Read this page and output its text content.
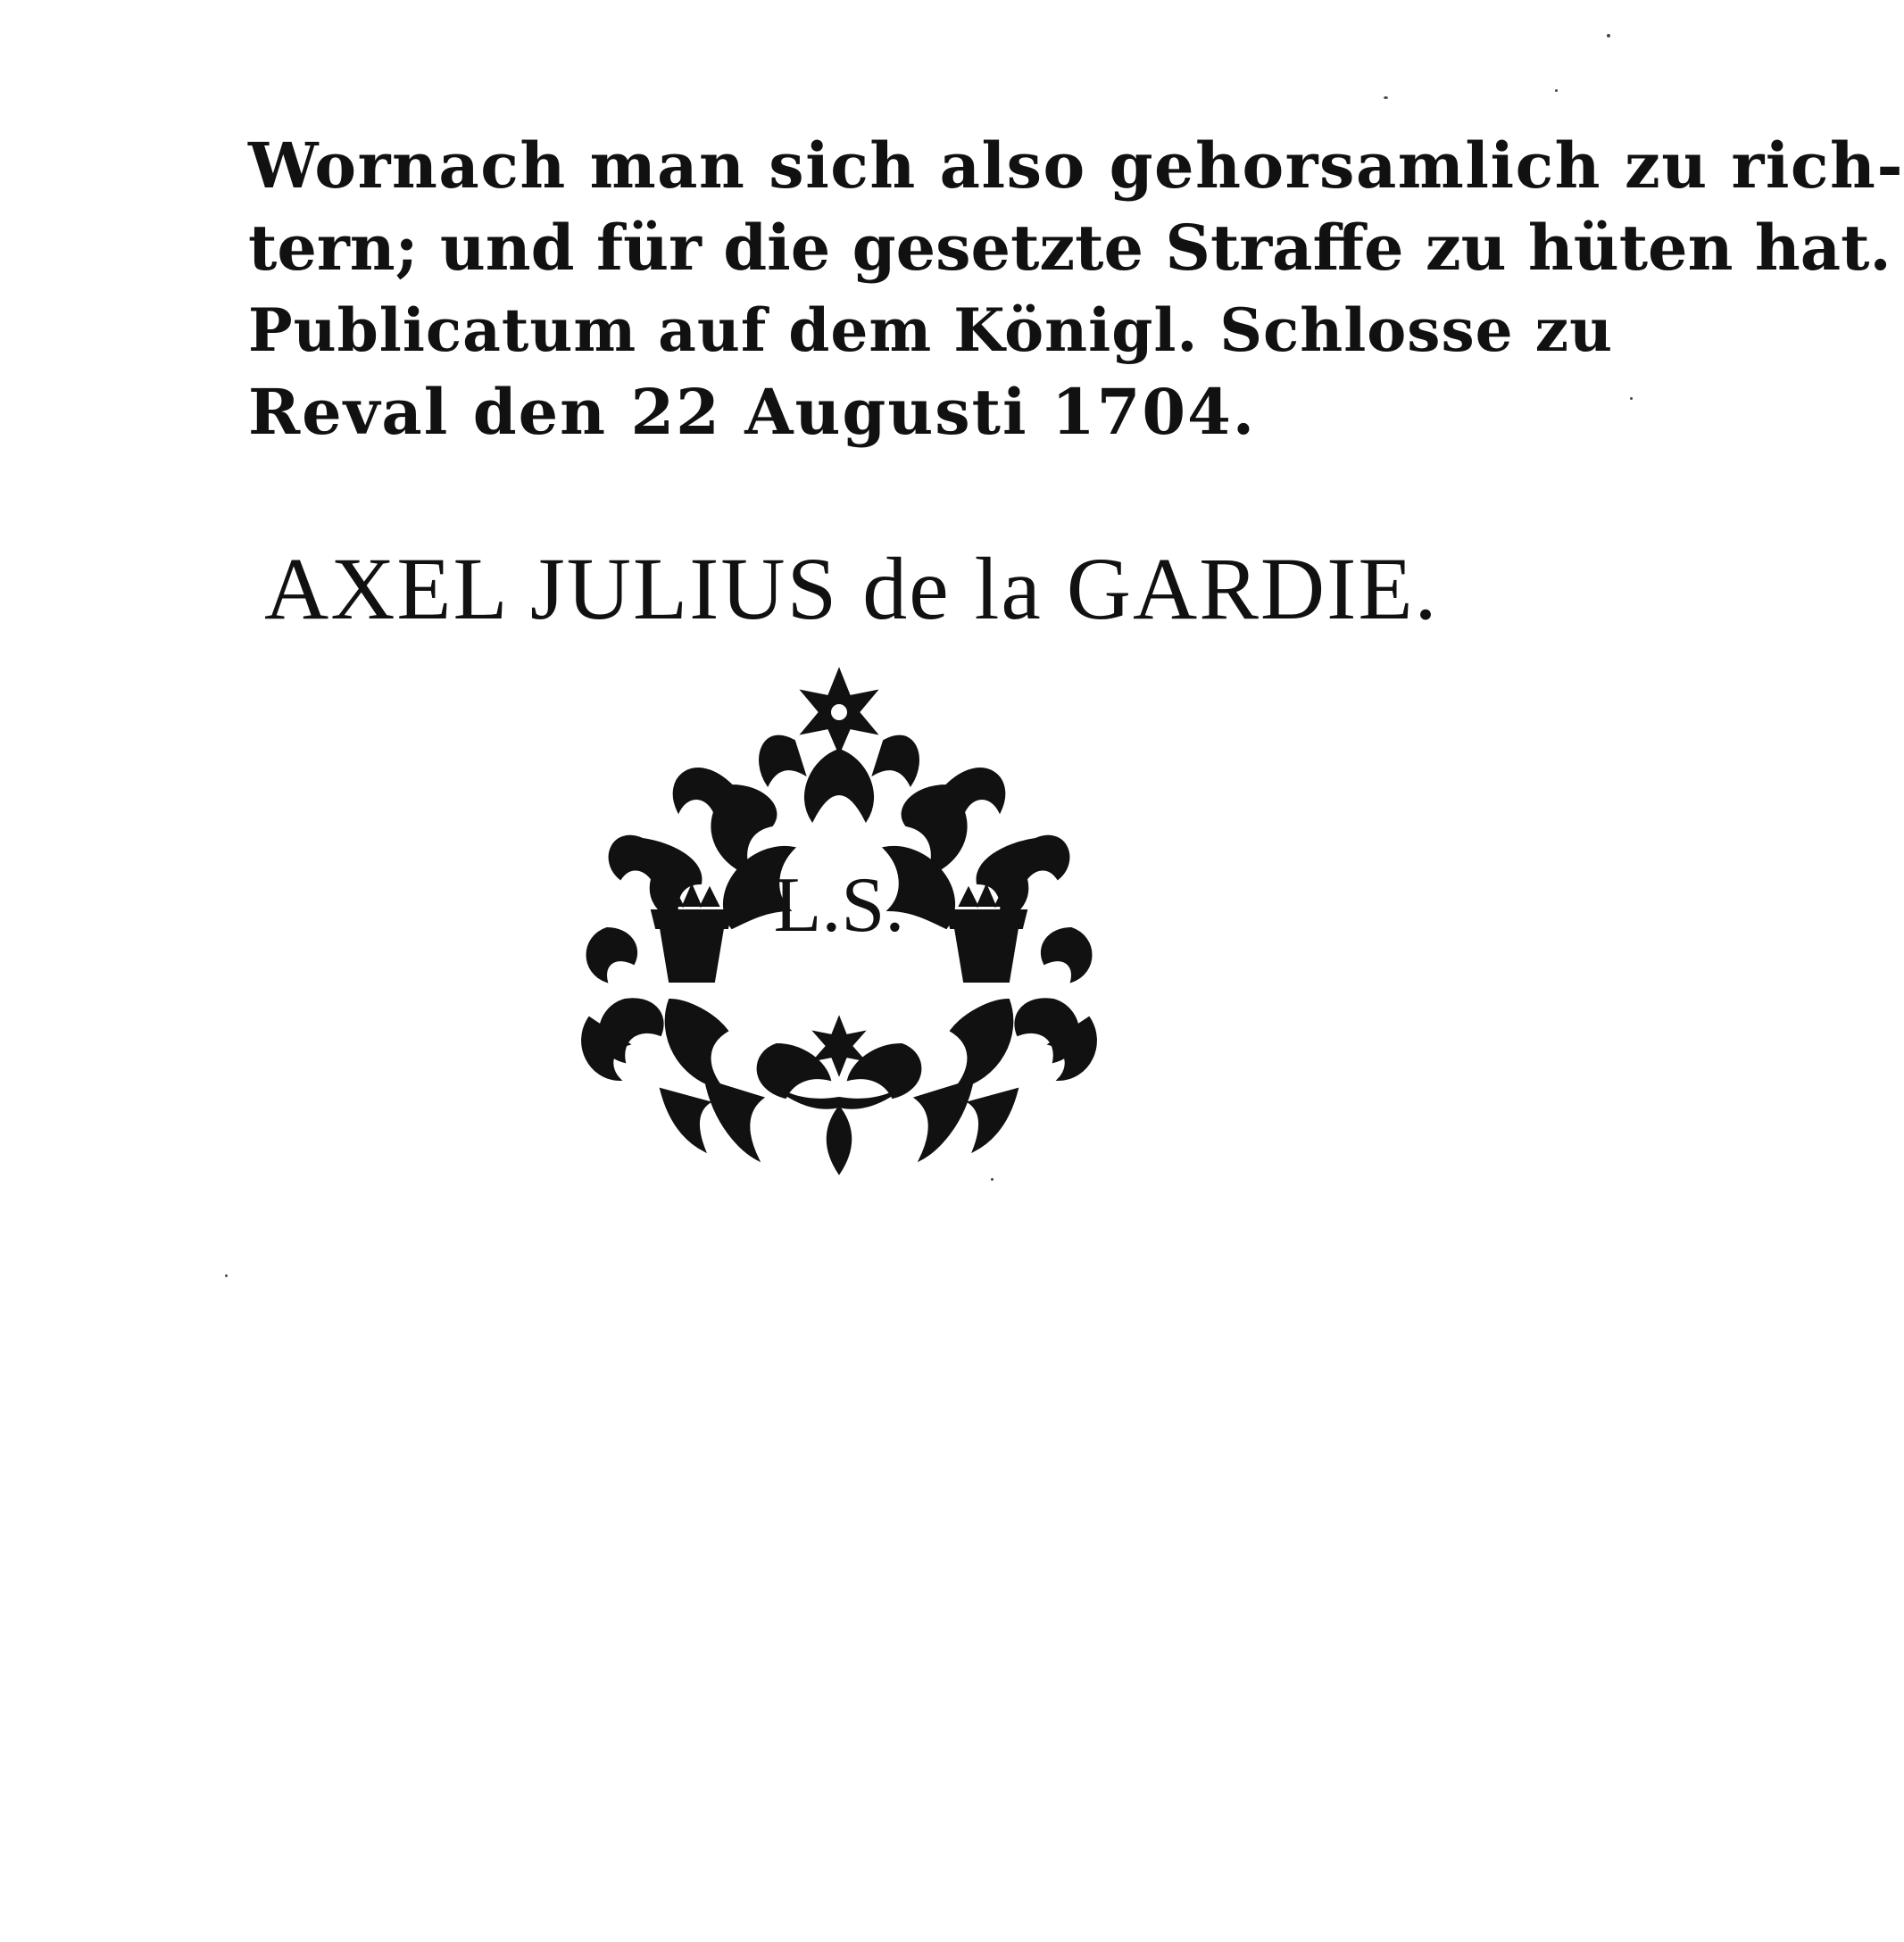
Wornach man sich also gehorsamlich zu rich-
tern; und für die gesetzte Straffe zu hüten hat.
Publicatum auf dem Königl. Schlosse zu
Reval den 22 Augusti 1704.
AXEL JULIUS de la GARDIE.
L.S.
